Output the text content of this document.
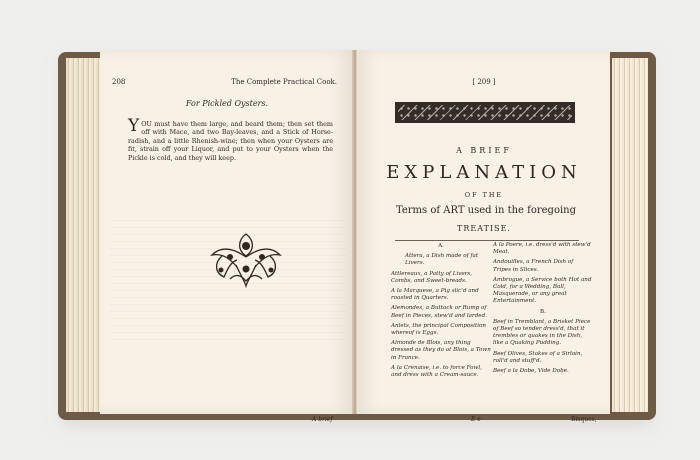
208	The Complete Practical Cook.
For Pickled Oysters.
YOU must have them large, and beard them; then set them off with Mace, and two Bay-leaves, and a Stick of Horse-radish, and a little Rhenish-wine; then when your Oysters are fit, strain off your Liquor, and put to your Oysters when the Pickle is cold, and they will keep.
A brief
[ 209 ]
A BRIEF
EXPLANATION
OF THE
Terms of ART used in the foregoing
TREATISE.
A.

Attera, a Dish made of fat Livers.

Attlereaux, a Patty of Livers, Combs, and Sweet-breads.

A la Marquese, a Pig slic'd and roasted in Quarters.

Alemondes, a Buttock or Rump of Beef in Pieces, stew'd and larded.

Anlets, the principal Composition whereof is Eggs.

Almonde de Blois, any thing dressed as they do at Blois, a Town in France.

A la Crenaise, i.e. to force Fowl, and dress with a Cream-sauce.

A la Poere, i.e. dress'd with stew'd Meat.

Andouilles, a French Dish of Tripes in Slices.

Ambrogue, a Service both Hot and Cold, for a Wedding, Ball, Masquerade, or any great Entertainment.

B.

Beef in Tremblant, a Brisket Piece of Beef so tender dress'd, that it trembles or quakes in the Dish, like a Quaking Pudding.

Beef Olives, Stakes of a Sirloin, roll'd and stuff'd.

Beef a la Dobe, Vide Dobe.

E e	Bisques,
